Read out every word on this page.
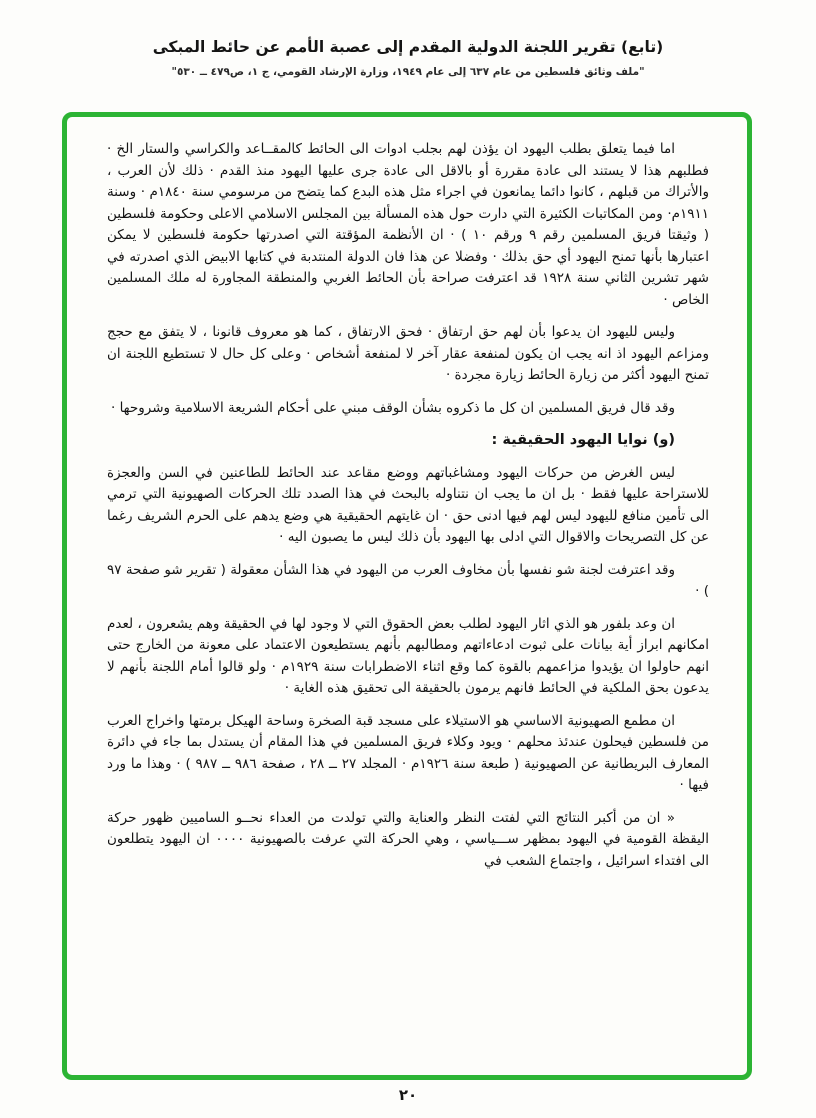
(تابع) تقرير اللجنة الدولية المقدم إلى عصبة الأمم عن حائط المبكى

"ملف وثائق فلسطين من عام ٦٣٧ إلى عام ١٩٤٩، وزارة الإرشاد القومي، ج ١، ص٤٧٩ ــ ٥٣٠"

اما فيما يتعلق بطلب اليهود ان يؤذن لهم بجلب ادوات الى الحائط كالمقــاعد والكراسي والستار الخ · فطلبهم هذا لا يستند الى عادة مقررة أو بالاقل الى عادة جرى عليها اليهود منذ القدم · ذلك لأن العرب ، والأتراك من قبلهم ، كانوا دائما يمانعون في اجراء مثل هذه البدع كما يتضح من مرسومي سنة ١٨٤٠م · وسنة ١٩١١م· ومن المكاتبات الكثيرة التي دارت حول هذه المسألة بين المجلس الاسلامي الاعلى وحكومة فلسطين ( وثيقتا فريق المسلمين رقم ٩ ورقم ١٠ ) · ان الأنظمة المؤقتة التي اصدرتها حكومة فلسطين لا يمكن اعتبارها بأنها تمنح اليهود أي حق بذلك · وفضلا عن هذا فان الدولة المنتدبة في كتابها الابيض الذي اصدرته في شهر تشرين الثاني سنة ١٩٢٨ قد اعترفت صراحة بأن الحائط الغربي والمنطقة المجاورة له ملك المسلمين الخاص ·

وليس لليهود ان يدعوا بأن لهم حق ارتفاق · فحق الارتفاق ، كما هو معروف قانونا ، لا يتفق مع حجج ومزاعم اليهود اذ انه يجب ان يكون لمنفعة عقار آخر لا لمنفعة أشخاص · وعلى كل حال لا تستطيع اللجنة ان تمنح اليهود أكثر من زيارة الحائط زيارة مجردة ·

وقد قال فريق المسلمين ان كل ما ذكروه بشأن الوقف مبني على أحكام الشريعة الاسلامية وشروحها ·

(و) نوايا اليهود الحقيقية :

ليس الغرض من حركات اليهود ومشاغباتهم ووضع مقاعد عند الحائط للطاعنين في السن والعجزة للاستراحة عليها فقط · بل ان ما يجب ان نتناوله بالبحث في هذا الصدد تلك الحركات الصهيونية التي ترمي الى تأمين منافع لليهود ليس لهم فيها ادنى حق · ان غايتهم الحقيقية هي وضع يدهم على الحرم الشريف رغما عن كل التصريحات والاقوال التي ادلى بها اليهود بأن ذلك ليس ما يصبون اليه ·

وقد اعترفت لجنة شو نفسها بأن مخاوف العرب من اليهود في هذا الشأن معقولة ( تقرير شو صفحة ٩٧ ) ·

ان وعد بلفور هو الذي اثار اليهود لطلب بعض الحقوق التي لا وجود لها في الحقيقة وهم يشعرون ، لعدم امكانهم ابراز أية بيانات على ثبوت ادعاءاتهم ومطالبهم بأنهم يستطيعون الاعتماد على معونة من الخارج حتى انهم حاولوا ان يؤيدوا مزاعمهم بالقوة كما وقع اثناء الاضطرابات سنة ١٩٢٩م · ولو قالوا أمام اللجنة بأنهم لا يدعون بحق الملكية في الحائط فانهم يرمون بالحقيقة الى تحقيق هذه الغاية ·

ان مطمع الصهيونية الاساسي هو الاستيلاء على مسجد قبة الصخرة وساحة الهيكل برمتها واخراج العرب من فلسطين فيحلون عندئذ محلهم · ويود وكلاء فريق المسلمين في هذا المقام أن يستدل بما جاء في دائرة المعارف البريطانية عن الصهيونية ( طبعة سنة ١٩٢٦م · المجلد ٢٧ ــ ٢٨ ، صفحة ٩٨٦ ــ ٩٨٧ ) · وهذا ما ورد فيها ·

« ان من أكبر النتائج التي لفتت النظر والعناية والتي تولدت من العداء نحــو الساميين ظهور حركة اليقظة القومية في اليهود بمظهر ســـياسي ، وهي الحركة التي عرفت بالصهيونية ٠٠٠٠ ان اليهود يتطلعون الى افتداء اسرائيل ، واجتماع الشعب في

٢٠
